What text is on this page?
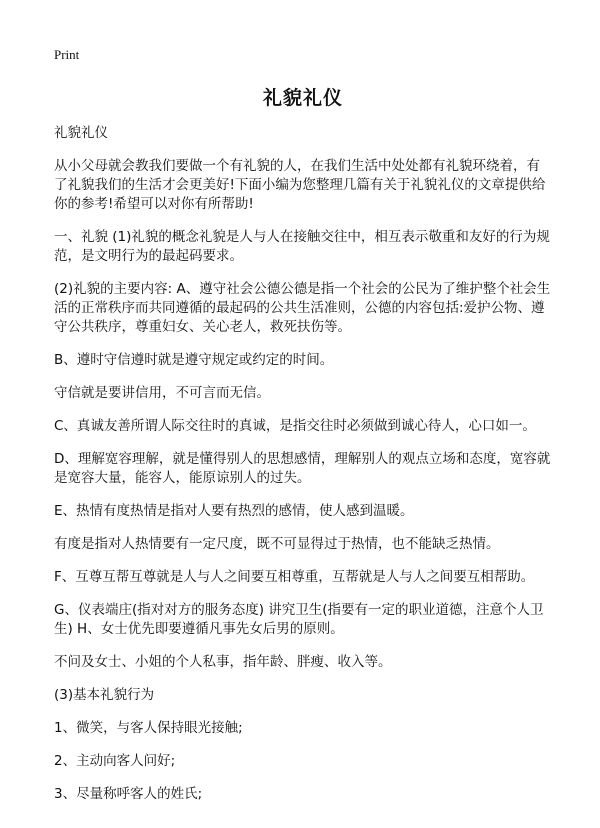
Print
礼貌礼仪
礼貌礼仪

从小父母就会教我们要做一个有礼貌的人，在我们生活中处处都有礼貌环绕着，有了礼貌我们的生活才会更美好!下面小编为您整理几篇有关于礼貌礼仪的文章提供给你的参考!希望可以对你有所帮助!

一、礼貌 (1)礼貌的概念礼貌是人与人在接触交往中，相互表示敬重和友好的行为规范，是文明行为的最起码要求。

(2)礼貌的主要内容: A、遵守社会公德公德是指一个社会的公民为了维护整个社会生活的正常秩序而共同遵循的最起码的公共生活准则，公德的内容包括:爱护公物、遵守公共秩序，尊重妇女、关心老人，救死扶伤等。

B、遵时守信遵时就是遵守规定或约定的时间。

守信就是要讲信用，不可言而无信。

C、真诚友善所谓人际交往时的真诚，是指交往时必须做到诚心待人，心口如一。

D、理解宽容理解，就是懂得别人的思想感情，理解别人的观点立场和态度，宽容就是宽容大量，能容人，能原谅别人的过失。

E、热情有度热情是指对人要有热烈的感情，使人感到温暖。

有度是指对人热情要有一定尺度，既不可显得过于热情，也不能缺乏热情。

F、互尊互帮互尊就是人与人之间要互相尊重，互帮就是人与人之间要互相帮助。

G、仪表端庄(指对对方的服务态度) 讲究卫生(指要有一定的职业道德，注意个人卫生) H、女士优先即要遵循凡事先女后男的原则。

不问及女士、小姐的个人私事，指年龄、胖瘦、收入等。

(3)基本礼貌行为

1、微笑，与客人保持眼光接触;

2、主动向客人问好;

3、尽量称呼客人的姓氏;
